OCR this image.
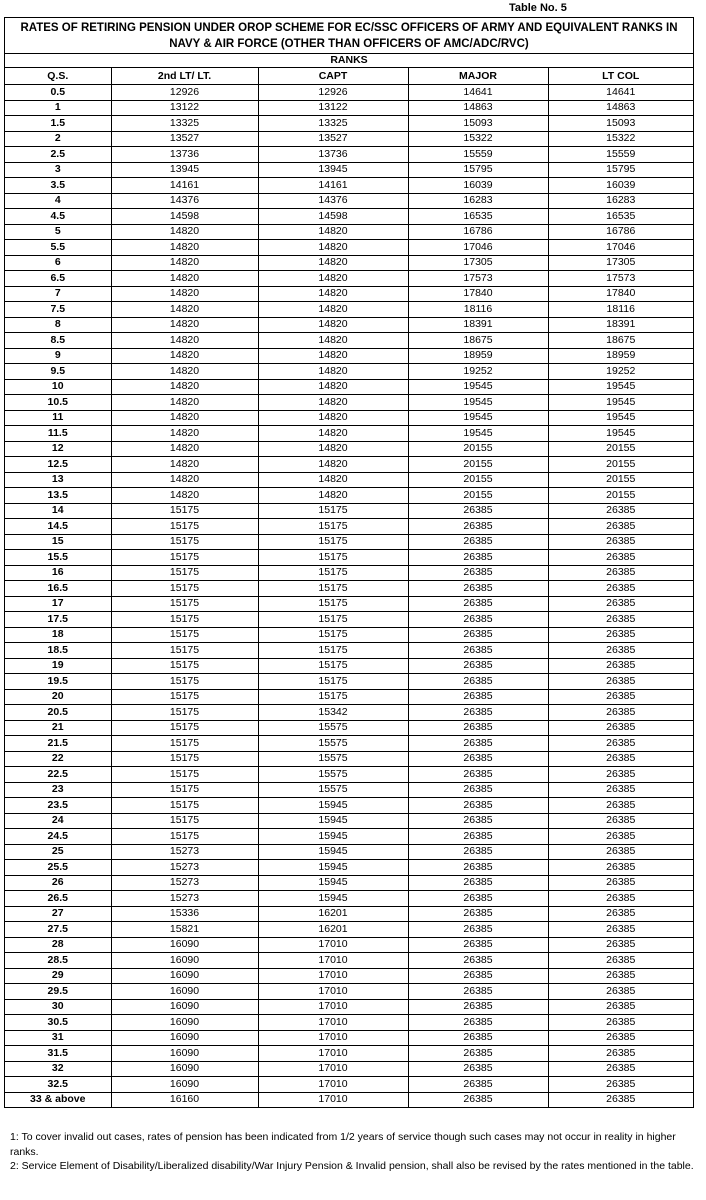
Table No. 5
RATES OF RETIRING PENSION UNDER OROP SCHEME FOR EC/SSC OFFICERS OF ARMY AND EQUIVALENT RANKS IN NAVY & AIR FORCE (OTHER THAN OFFICERS OF AMC/ADC/RVC)
RANKS
Q.S.	2nd LT/ LT.	CAPT	MAJOR	LT COL
0.5	12926	12926	14641	14641
1	13122	13122	14863	14863
1.5	13325	13325	15093	15093
2	13527	13527	15322	15322
2.5	13736	13736	15559	15559
3	13945	13945	15795	15795
3.5	14161	14161	16039	16039
4	14376	14376	16283	16283
4.5	14598	14598	16535	16535
5	14820	14820	16786	16786
5.5	14820	14820	17046	17046
6	14820	14820	17305	17305
6.5	14820	14820	17573	17573
7	14820	14820	17840	17840
7.5	14820	14820	18116	18116
8	14820	14820	18391	18391
8.5	14820	14820	18675	18675
9	14820	14820	18959	18959
9.5	14820	14820	19252	19252
10	14820	14820	19545	19545
10.5	14820	14820	19545	19545
11	14820	14820	19545	19545
11.5	14820	14820	19545	19545
12	14820	14820	20155	20155
12.5	14820	14820	20155	20155
13	14820	14820	20155	20155
13.5	14820	14820	20155	20155
14	15175	15175	26385	26385
14.5	15175	15175	26385	26385
15	15175	15175	26385	26385
15.5	15175	15175	26385	26385
16	15175	15175	26385	26385
16.5	15175	15175	26385	26385
17	15175	15175	26385	26385
17.5	15175	15175	26385	26385
18	15175	15175	26385	26385
18.5	15175	15175	26385	26385
19	15175	15175	26385	26385
19.5	15175	15175	26385	26385
20	15175	15175	26385	26385
20.5	15175	15342	26385	26385
21	15175	15575	26385	26385
21.5	15175	15575	26385	26385
22	15175	15575	26385	26385
22.5	15175	15575	26385	26385
23	15175	15575	26385	26385
23.5	15175	15945	26385	26385
24	15175	15945	26385	26385
24.5	15175	15945	26385	26385
25	15273	15945	26385	26385
25.5	15273	15945	26385	26385
26	15273	15945	26385	26385
26.5	15273	15945	26385	26385
27	15336	16201	26385	26385
27.5	15821	16201	26385	26385
28	16090	17010	26385	26385
28.5	16090	17010	26385	26385
29	16090	17010	26385	26385
29.5	16090	17010	26385	26385
30	16090	17010	26385	26385
30.5	16090	17010	26385	26385
31	16090	17010	26385	26385
31.5	16090	17010	26385	26385
32	16090	17010	26385	26385
32.5	16090	17010	26385	26385
33 & above	16160	17010	26385	26385
1: To cover invalid out cases, rates of pension has been indicated from 1/2 years of service though such cases may not occur in reality in higher ranks.
2: Service Element of Disability/Liberalized disability/War Injury Pension & Invalid pension, shall also be revised by the rates mentioned in the table.
